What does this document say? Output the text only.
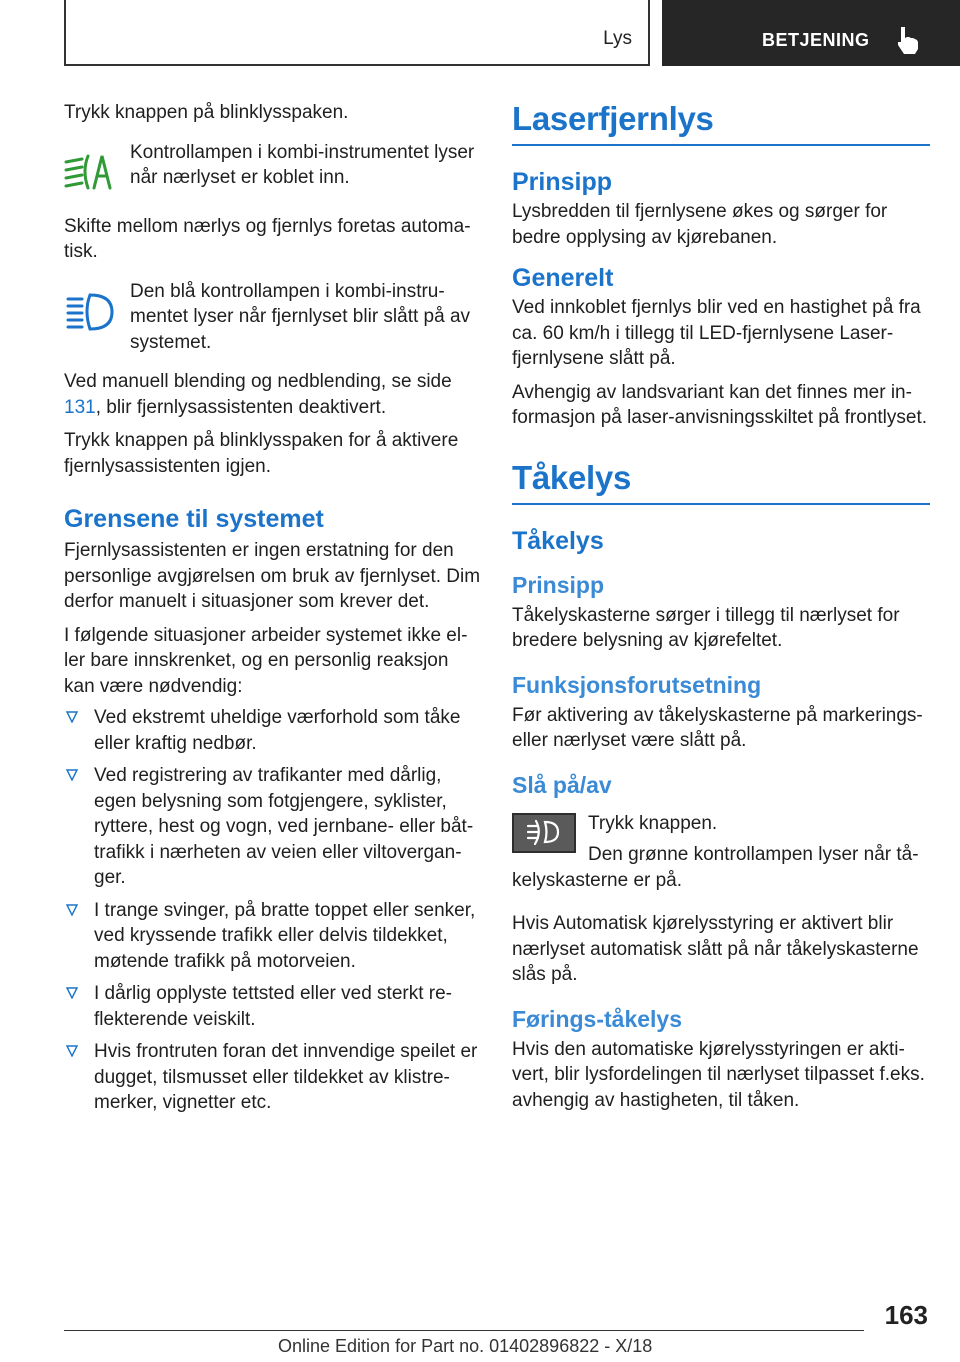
Lys	BETJENING

Trykk knappen på blinklysspaken.

Kontrollampen i kombi-instrumentet lyser når nærlyset er koblet inn.

Skifte mellom nærlys og fjernlys foretas automatisk.

Den blå kontrollampen i kombi-instrumentet lyser når fjernlyset blir slått på av systemet.

Ved manuell blending og nedblending, se side 131, blir fjernlysassistenten deaktivert.

Trykk knappen på blinklysspaken for å aktivere fjernlysassistenten igjen.

Grensene til systemet

Fjernlysassistenten er ingen erstatning for den personlige avgjørelsen om bruk av fjernlyset. Dim derfor manuelt i situasjoner som krever det.

I følgende situasjoner arbeider systemet ikke eller bare innskrenket, og en personlig reaksjon kan være nødvendig:

Ved ekstremt uheldige værforhold som tåke eller kraftig nedbør.
Ved registrering av trafikanter med dårlig, egen belysning som fotgjengere, syklister, ryttere, hest og vogn, ved jernbane- eller båttrafikk i nærheten av veien eller viltoverganger.
I trange svinger, på bratte toppet eller senker, ved kryssende trafikk eller delvis tildekket, møtende trafikk på motorveien.
I dårlig opplyste tettsted eller ved sterkt reflekterende veiskilt.
Hvis frontruten foran det innvendige speilet er dugget, tilsmusset eller tildekket av klistremerker, vignetter etc.
Laserfjernlys
Prinsipp

Lysbredden til fjernlysene økes og sørger for bedre opplysing av kjørebanen.

Generelt

Ved innkoblet fjernlys blir ved en hastighet på fra ca. 60 km/h i tillegg til LED-fjernlysene Laserfjernlysene slått på.

Avhengig av landsvariant kan det finnes mer informasjon på laser-anvisningsskiltet på frontlyset.

Tåkelys
Tåkelys
Prinsipp

Tåkelyskasterne sørger i tillegg til nærlyset for bredere belysning av kjørefeltet.

Funksjonsforutsetning

Før aktivering av tåkelyskasterne på markerings- eller nærlyset være slått på.

Slå på/av

Trykk knappen.

Den grønne kontrollampen lyser når tåkelyskasterne er på.

Hvis Automatisk kjørelysstyring er aktivert blir nærlyset automatisk slått på når tåkelyskasterne slås på.

Førings-tåkelys

Hvis den automatiske kjørelysstyringen er aktivert, blir lysfordelingen til nærlyset tilpasset f.eks. avhengig av hastigheten, til tåken.

163
Online Edition for Part no. 01402896822 - X/18
